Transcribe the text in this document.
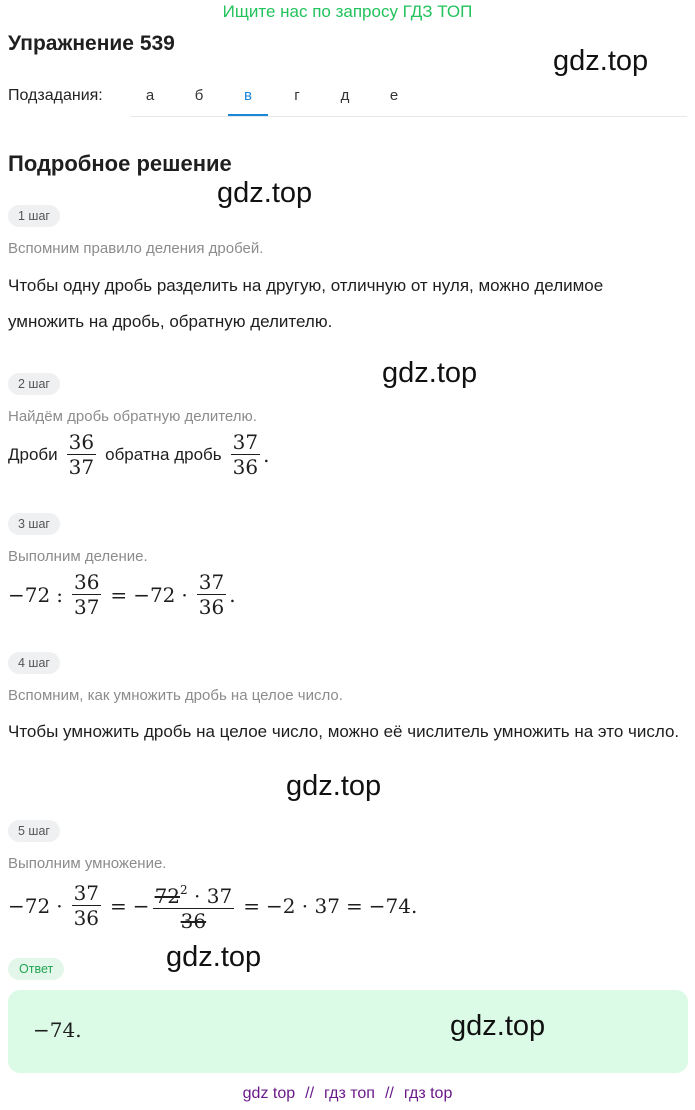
Ищите нас по запросу ГДЗ ТОП
Упражнение 539
gdz.top
Подзадания:	а	б	в	г	д	е
Подробное решение
gdz.top
1 шаг
Вспомним правило деления дробей.
Чтобы одну дробь разделить на другую, отличную от нуля, можно делимое умножить на дробь, обратную делителю.
gdz.top
2 шаг
Найдём дробь обратную делителю.
Дроби $\frac{36}{37}$ обратна дробь $\frac{37}{36}$ .
3 шаг
Выполним деление.
−72 : $\frac{36}{37} = -72 \cdot \frac{37}{36}$ .
4 шаг
Вспомним, как умножить дробь на целое число.
Чтобы умножить дробь на целое число, можно её числитель умножить на это число.
gdz.top
5 шаг
Выполним умножение.
$-72 \cdot \frac{37}{36}$ = − $\frac{72^2 \cdot 37}{36} = -2 \cdot 37 = -74$.
Ответ	gdz.top
−74.	gdz.top
gdz top // гдз топ // гдз top
